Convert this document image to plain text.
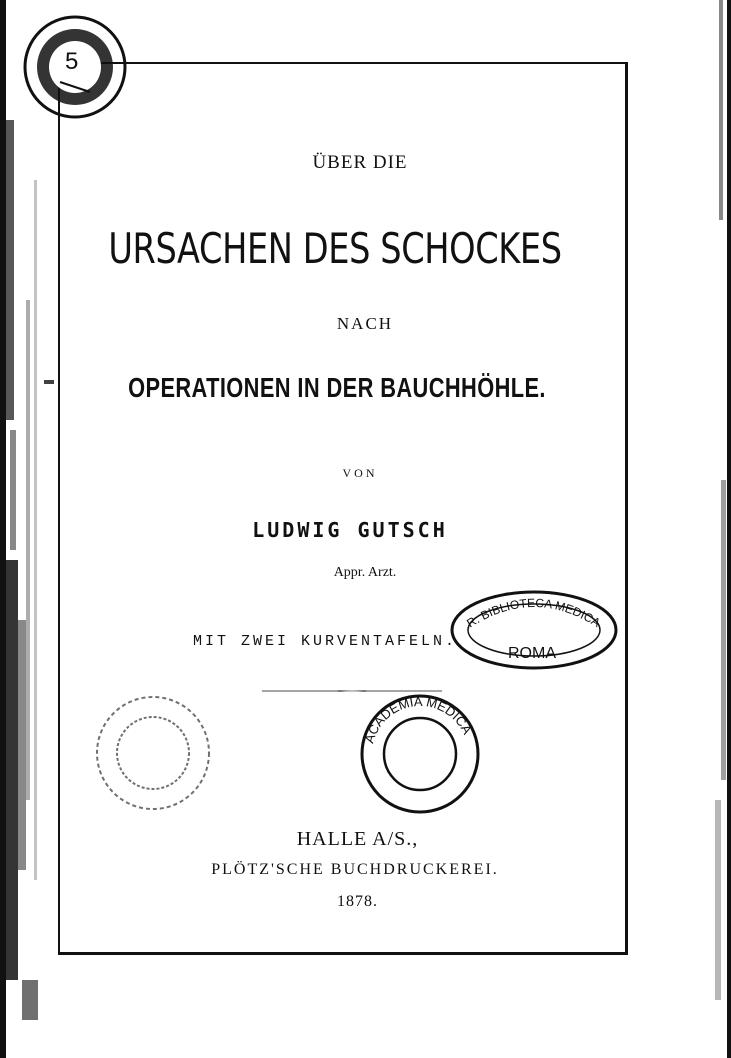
5
ÜBER DIE
URSACHEN DES SCHOCKES
NACH
OPERATIONEN IN DER BAUCHHÖHLE.
VON
LUDWIG GUTSCH
Appr. Arzt.
MIT ZWEI KURVENTAFELN.
R. BIBLIOTECA MEDICA
ROMA
ACADEMIA MEDICA
HALLE A/S.,
PLÖTZ'SCHE BUCHDRUCKEREI.
1878.
